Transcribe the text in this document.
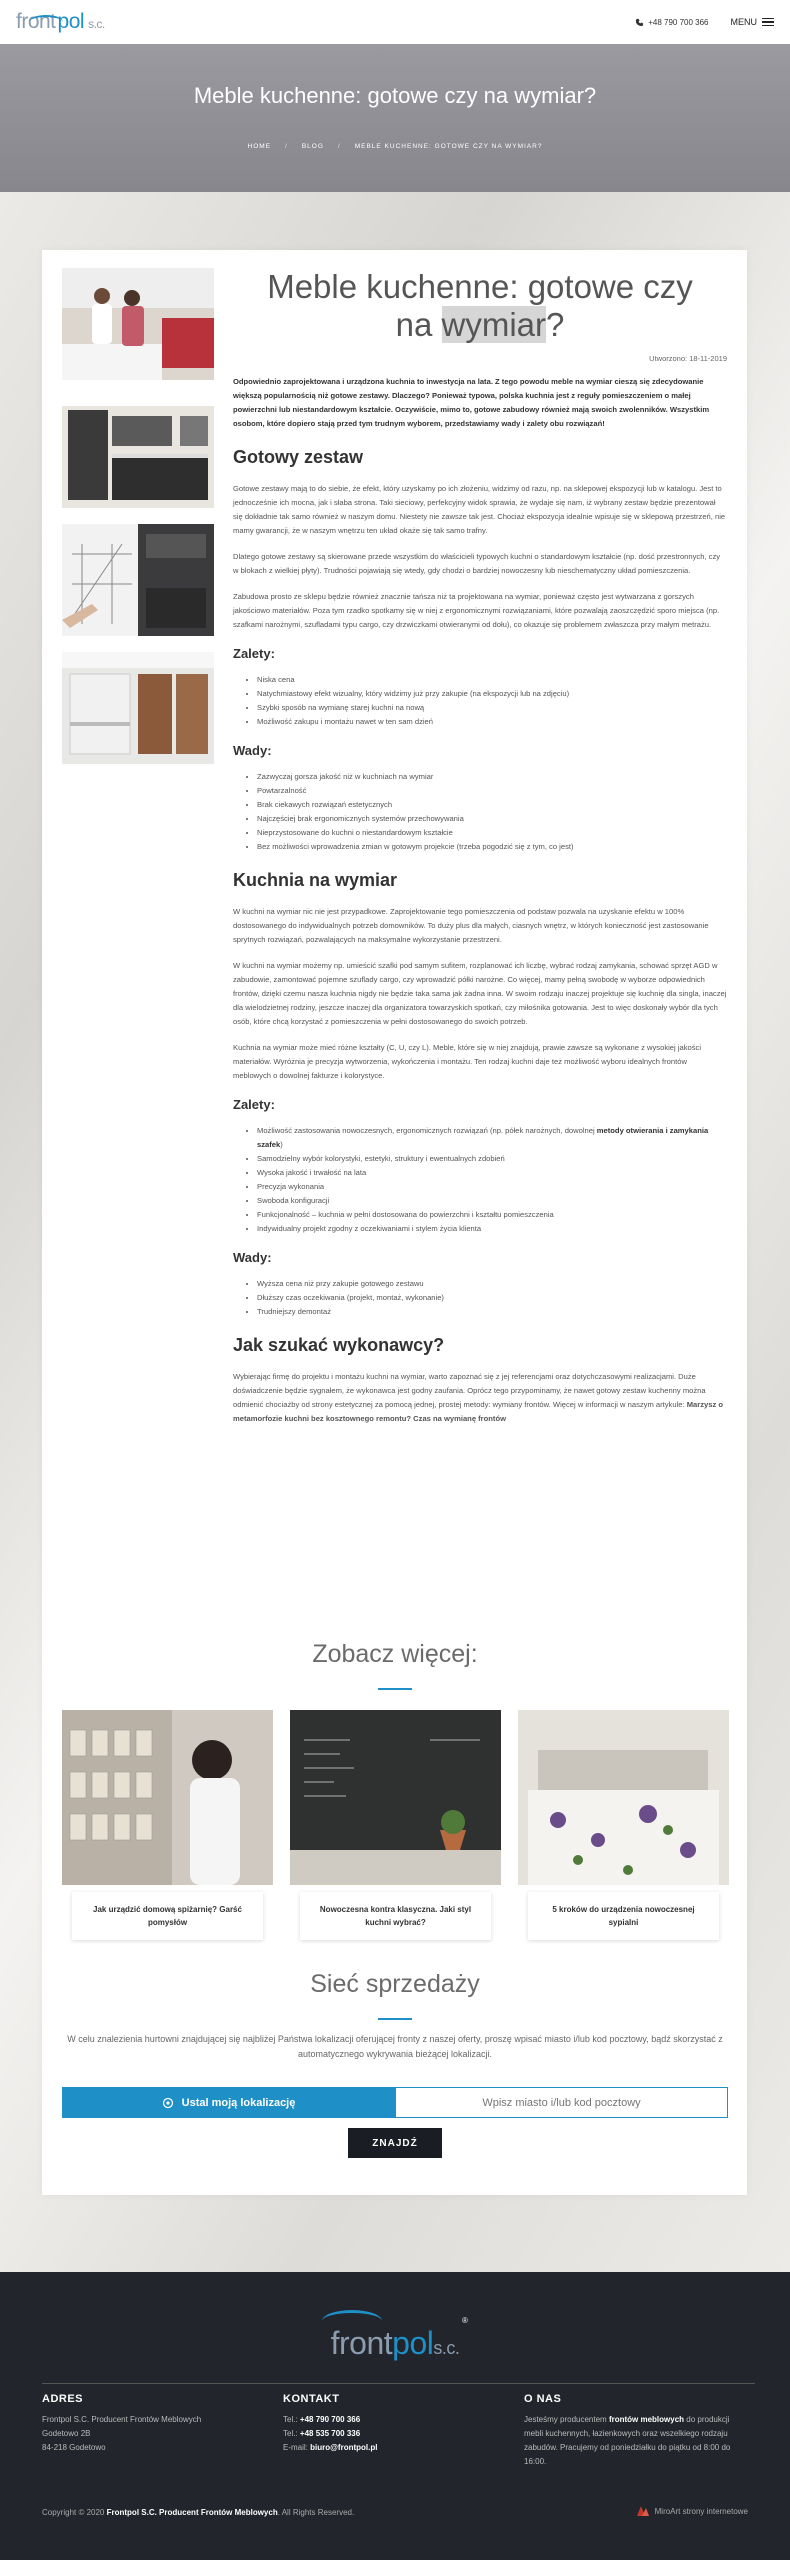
front pol s.c.	+48 790 700 366 MENU
Meble kuchenne: gotowe czy na wymiar?
HOME / BLOG / MEBLE KUCHENNE: GOTOWE CZY NA WYMIAR?
Meble kuchenne: gotowe czy
na wymiar?
Utworzono: 18-11-2019

Odpowiednio zaprojektowana i urządzona kuchnia to inwestycja na lata. Z tego powodu meble na wymiar cieszą się zdecydowanie większą popularnością niż gotowe zestawy. Dlaczego? Ponieważ typowa, polska kuchnia jest z reguły pomieszczeniem o małej powierzchni lub niestandardowym kształcie. Oczywiście, mimo to, gotowe zabudowy również mają swoich zwolenników. Wszystkim osobom, które dopiero stają przed tym trudnym wyborem, przedstawiamy wady i zalety obu rozwiązań!

Gotowy zestaw

Gotowe zestawy mają to do siebie, że efekt, który uzyskamy po ich złożeniu, widzimy od razu, np. na sklepowej ekspozycji lub w katalogu. Jest to jednocześnie ich mocna, jak i słaba strona. Taki sieciowy, perfekcyjny widok sprawia, że wydaje się nam, iż wybrany zestaw będzie prezentował się dokładnie tak samo również w naszym domu. Niestety nie zawsze tak jest. Chociaż ekspozycja idealnie wpisuje się w sklepową przestrzeń, nie mamy gwarancji, że w naszym wnętrzu ten układ okaże się tak samo trafny.

Dlatego gotowe zestawy są skierowane przede wszystkim do właścicieli typowych kuchni o standardowym kształcie (np. dość przestronnych, czy w blokach z wielkiej płyty). Trudności pojawiają się wtedy, gdy chodzi o bardziej nowoczesny lub nieschematyczny układ pomieszczenia.

Zabudowa prosto ze sklepu będzie również znacznie tańsza niż ta projektowana na wymiar, ponieważ często jest wytwarzana z gorszych jakościowo materiałów. Poza tym rzadko spotkamy się w niej z ergonomicznymi rozwiązaniami, które pozwalają zaoszczędzić sporo miejsca (np. szafkami narożnymi, szufladami typu cargo, czy drzwiczkami otwieranymi od dołu), co okazuje się problemem zwłaszcza przy małym metrażu.

Zalety:
• Niska cena
• Natychmiastowy efekt wizualny, który widzimy już przy zakupie (na ekspozycji lub na zdjęciu)
• Szybki sposób na wymianę starej kuchni na nową
• Możliwość zakupu i montażu nawet w ten sam dzień
Wady:
• Zazwyczaj gorsza jakość niż w kuchniach na wymiar
• Powtarzalność
• Brak ciekawych rozwiązań estetycznych
• Najczęściej brak ergonomicznych systemów przechowywania
• Nieprzystosowane do kuchni o niestandardowym kształcie
• Bez możliwości wprowadzenia zmian w gotowym projekcie (trzeba pogodzić się z tym, co jest)
Kuchnia na wymiar

W kuchni na wymiar nic nie jest przypadkowe. Zaprojektowanie tego pomieszczenia od podstaw pozwala na uzyskanie efektu w 100% dostosowanego do indywidualnych potrzeb domowników. To duży plus dla małych, ciasnych wnętrz, w których konieczność jest zastosowanie sprytnych rozwiązań, pozwalających na maksymalne wykorzystanie przestrzeni.

W kuchni na wymiar możemy np. umieścić szafki pod samym sufitem, rozplanować ich liczbę, wybrać rodzaj zamykania, schować sprzęt AGD w zabudowie, zamontować pojemne szuflady cargo, czy wprowadzić półki narożne. Co więcej, mamy pełną swobodę w wyborze odpowiednich frontów, dzięki czemu nasza kuchnia nigdy nie będzie taka sama jak żadna inna. W swoim rodzaju inaczej projektuje się kuchnię dla singla, inaczej dla wielodzietnej rodziny, jeszcze inaczej dla organizatora towarzyskich spotkań, czy miłośnika gotowania. Jest to więc doskonały wybór dla tych osób, które chcą korzystać z pomieszczenia w pełni dostosowanego do swoich potrzeb.

Kuchnia na wymiar może mieć różne kształty (C, U, czy L). Meble, które się w niej znajdują, prawie zawsze są wykonane z wysokiej jakości materiałów. Wyróżnia je precyzja wytworzenia, wykończenia i montażu. Ten rodzaj kuchni daje też możliwość wyboru idealnych frontów meblowych o dowolnej fakturze i kolorystyce.

Zalety:
• Możliwość zastosowania nowoczesnych, ergonomicznych rozwiązań (np. półek narożnych, dowolnej metody otwierania i zamykania szafek)
• Samodzielny wybór kolorystyki, estetyki, struktury i ewentualnych zdobień
• Wysoka jakość i trwałość na lata
• Precyzja wykonania
• Swoboda konfiguracji
• Funkcjonalność – kuchnia w pełni dostosowana do powierzchni i kształtu pomieszczenia
• Indywidualny projekt zgodny z oczekiwaniami i stylem życia klienta
Wady:
• Wyższa cena niż przy zakupie gotowego zestawu
• Dłuższy czas oczekiwania (projekt, montaż, wykonanie)
• Trudniejszy demontaż
Jak szukać wykonawcy?

Wybierając firmę do projektu i montażu kuchni na wymiar, warto zapoznać się z jej referencjami oraz dotychczasowymi realizacjami. Duże doświadczenie będzie sygnałem, że wykonawca jest godny zaufania. Oprócz tego przypominamy, że nawet gotowy zestaw kuchenny można odmienić chociażby od strony estetycznej za pomocą jednej, prostej metody: wymiany frontów. Więcej w informacji w naszym artykule: Marzysz o metamorfozie kuchni bez kosztownego remontu? Czas na wymianę frontów

Zobacz więcej:
Jak urządzić domową spiżarnię? Garść pomysłów
Nowoczesna kontra klasyczna. Jaki styl kuchni wybrać?
5 kroków do urządzenia nowoczesnej sypialni
Sieć sprzedaży

W celu znalezienia hurtowni znajdującej się najbliżej Państwa lokalizacji oferującej fronty z naszej oferty, proszę wpisać miasto i/lub kod pocztowy, bądź skorzystać z automatycznego wykrywania bieżącej lokalizacji.

Ustal moją lokalizację
Wpisz miasto i/lub kod pocztowy
ZNAJDŹ
frontpols.c.
®
ADRES

Frontpol S.C. Producent Frontów Meblowych

Godetowo 2B

84-218 Godetowo

KONTAKT

Tel.: +48 790 700 366

Tel.: +48 535 700 336

E-mail: biuro@frontpol.pl

O NAS

Jesteśmy producentem frontów meblowych do produkcji mebli kuchennych, łazienkowych oraz wszelkiego rodzaju zabudów. Pracujemy od poniedziałku do piątku od 8:00 do 16:00.

Copyright © 2020 Frontpol S.C. Producent Frontów Meblowych. All Rights Reserved.	MiroArt strony internetowe
